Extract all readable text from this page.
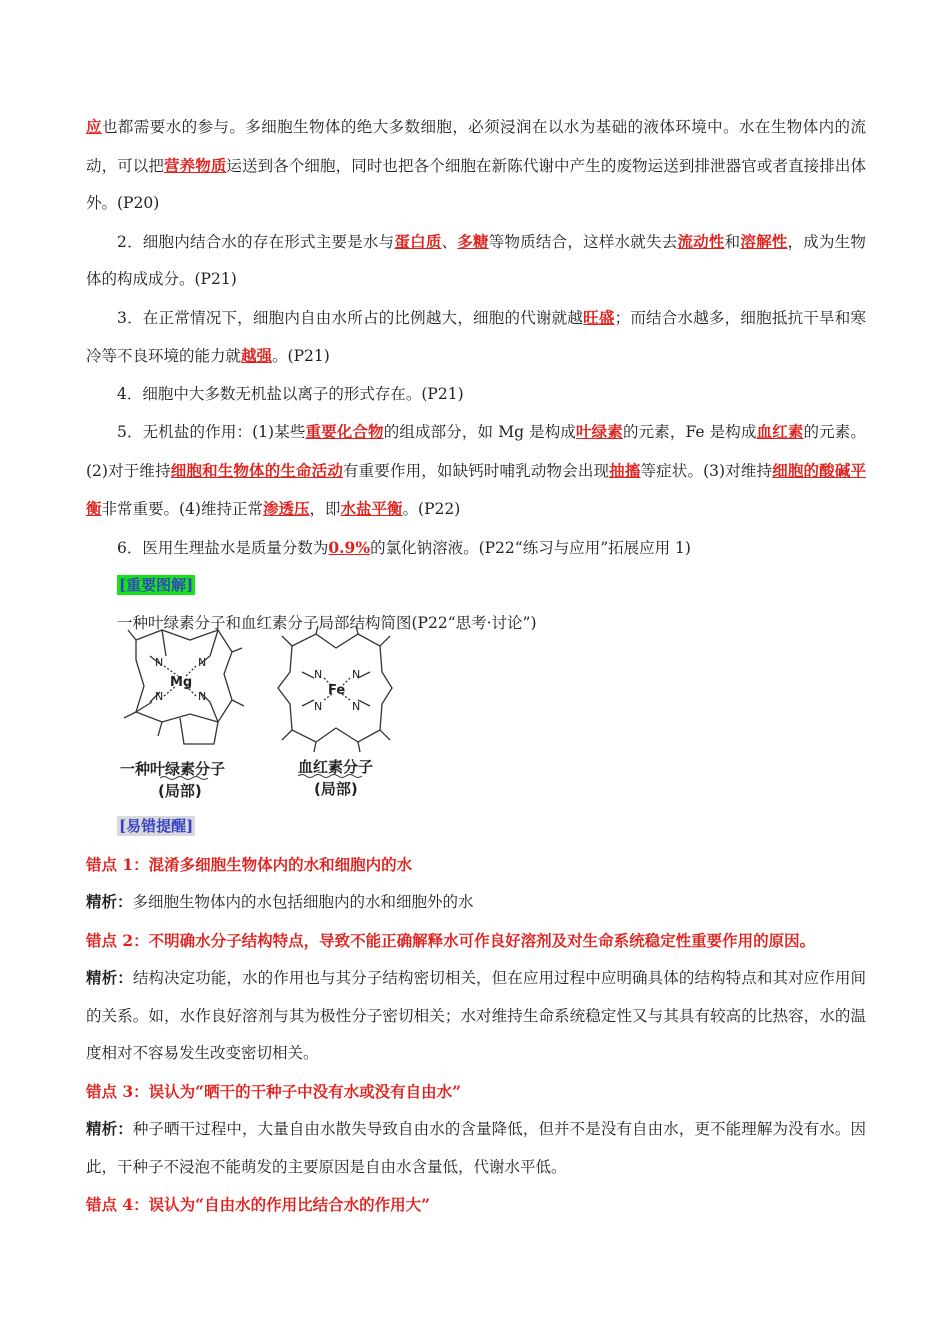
应也都需要水的参与。多细胞生物体的绝大多数细胞，必须浸润在以水为基础的液体环境中。水在生物体内的流动，可以把营养物质运送到各个细胞，同时也把各个细胞在新陈代谢中产生的废物运送到排泄器官或者直接排出体外。(P20)

2．细胞内结合水的存在形式主要是水与蛋白质、多糖等物质结合，这样水就失去流动性和溶解性，成为生物体的构成成分。(P21)

3．在正常情况下，细胞内自由水所占的比例越大，细胞的代谢就越旺盛；而结合水越多，细胞抵抗干旱和寒冷等不良环境的能力就越强。(P21)

4．细胞中大多数无机盐以离子的形式存在。(P21)

5．无机盐的作用：(1)某些重要化合物的组成部分，如 Mg 是构成叶绿素的元素，Fe 是构成血红素的元素。(2)对于维持细胞和生物体的生命活动有重要作用，如缺钙时哺乳动物会出现抽搐等症状。(3)对维持细胞的酸碱平衡非常重要。(4)维持正常渗透压，即水盐平衡。(P22)

6．医用生理盐水是质量分数为0.9%的氯化钠溶液。(P22“练习与应用”拓展应用 1)

[重要图解]

一种叶绿素分子和血红素分子局部结构简图(P22“思考·讨论”)

N	N
N	N
Mg
N	N
N	N
Fe
一种叶绿素分子
(局部)
血红素分子
(局部)

[易错提醒]

错点 1：混淆多细胞生物体内的水和细胞内的水

精析：多细胞生物体内的水包括细胞内的水和细胞外的水

错点 2：不明确水分子结构特点，导致不能正确解释水可作良好溶剂及对生命系统稳定性重要作用的原因。

精析：结构决定功能，水的作用也与其分子结构密切相关，但在应用过程中应明确具体的结构特点和其对应作用间的关系。如，水作良好溶剂与其为极性分子密切相关；水对维持生命系统稳定性又与其具有较高的比热容，水的温度相对不容易发生改变密切相关。

错点 3：误认为“晒干的干种子中没有水或没有自由水”

精析：种子晒干过程中，大量自由水散失导致自由水的含量降低，但并不是没有自由水，更不能理解为没有水。因此，干种子不浸泡不能萌发的主要原因是自由水含量低，代谢水平低。

错点 4：误认为“自由水的作用比结合水的作用大”
